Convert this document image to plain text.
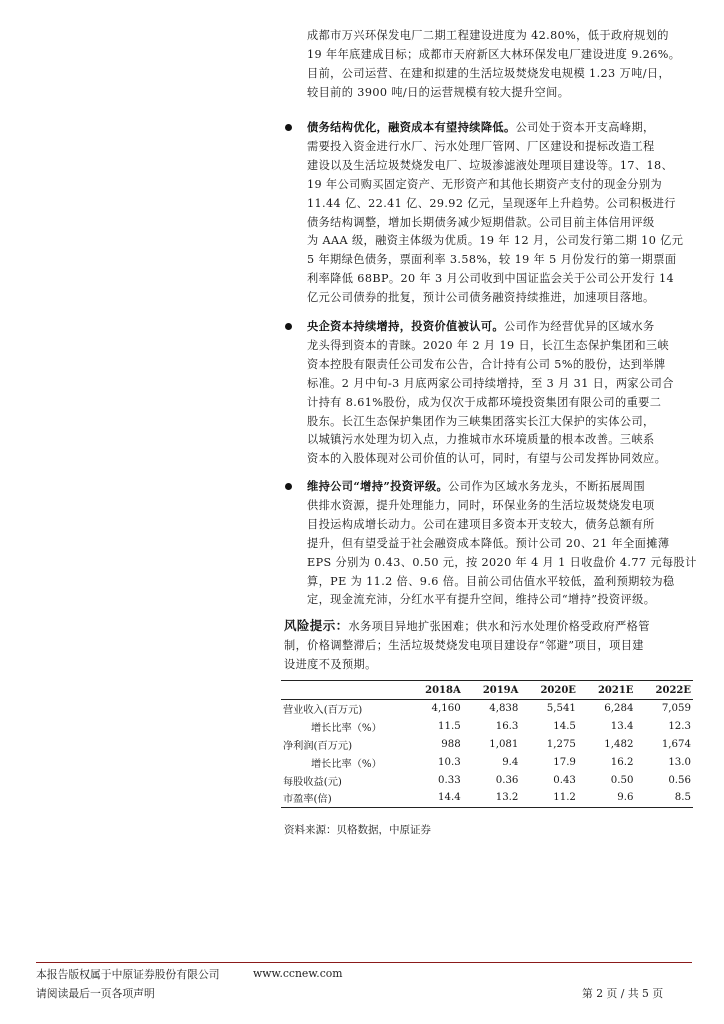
成都市万兴环保发电厂二期工程建设进度为 42.80%，低于政府规划的
19 年年底建成目标；成都市天府新区大林环保发电厂建设进度 9.26%。
目前，公司运营、在建和拟建的生活垃圾焚烧发电规模 1.23 万吨/日，
较目前的 3900 吨/日的运营规模有较大提升空间。
债务结构优化，融资成本有望持续降低。公司处于资本开支高峰期，
需要投入资金进行水厂、污水处理厂管网、厂区建设和提标改造工程
建设以及生活垃圾焚烧发电厂、垃圾渗滤液处理项目建设等。17、18、
19 年公司购买固定资产、无形资产和其他长期资产支付的现金分别为
11.44 亿、22.41 亿、29.92 亿元，呈现逐年上升趋势。公司积极进行
债务结构调整，增加长期债务减少短期借款。公司目前主体信用评级
为 AAA 级，融资主体级为优质。19 年 12 月，公司发行第二期 10 亿元
5 年期绿色债务，票面利率 3.58%，较 19 年 5 月份发行的第一期票面
利率降低 68BP。20 年 3 月公司收到中国证监会关于公司公开发行 14
亿元公司债券的批复，预计公司债务融资持续推进，加速项目落地。
央企资本持续增持，投资价值被认可。公司作为经营优异的区域水务
龙头得到资本的青睐。2020 年 2 月 19 日，长江生态保护集团和三峡
资本控股有限责任公司发布公告，合计持有公司 5%的股份，达到举牌
标准。2 月中旬-3 月底两家公司持续增持，至 3 月 31 日，两家公司合
计持有 8.61%股份，成为仅次于成都环境投资集团有限公司的重要二
股东。长江生态保护集团作为三峡集团落实长江大保护的实体公司，
以城镇污水处理为切入点，力推城市水环境质量的根本改善。三峡系
资本的入股体现对公司价值的认可，同时，有望与公司发挥协同效应。
维持公司“增持”投资评级。公司作为区域水务龙头，不断拓展周围
供排水资源，提升处理能力，同时，环保业务的生活垃圾焚烧发电项
目投运构成增长动力。公司在建项目多资本开支较大，债务总额有所
提升，但有望受益于社会融资成本降低。预计公司 20、21 年全面摊薄
EPS 分别为 0.43、0.50 元，按 2020 年 4 月 1 日收盘价 4.77 元每股计
算，PE 为 11.2 倍、9.6 倍。目前公司估值水平较低，盈利预期较为稳
定，现金流充沛，分红水平有提升空间，维持公司“增持”投资评级。
风险提示：水务项目异地扩张困难；供水和污水处理价格受政府严格管
制，价格调整滞后；生活垃圾焚烧发电项目建设存“邻避”项目，项目建
设进度不及预期。
	2018A	2019A	2020E	2021E	2022E
营业收入(百万元)	4,160	4,838	5,541	6,284	7,059
增长比率（%）	11.5	16.3	14.5	13.4	12.3
净利润(百万元)	988	1,081	1,275	1,482	1,674
增长比率（%）	10.3	9.4	17.9	16.2	13.0
每股收益(元)	0.33	0.36	0.43	0.50	0.56
市盈率(倍)	14.4	13.2	11.2	9.6	8.5
资料来源：贝格数据，中原证券
本报告版权属于中原证券股份有限公司	www.ccnew.com
请阅读最后一页各项声明	第 2 页 / 共 5 页
